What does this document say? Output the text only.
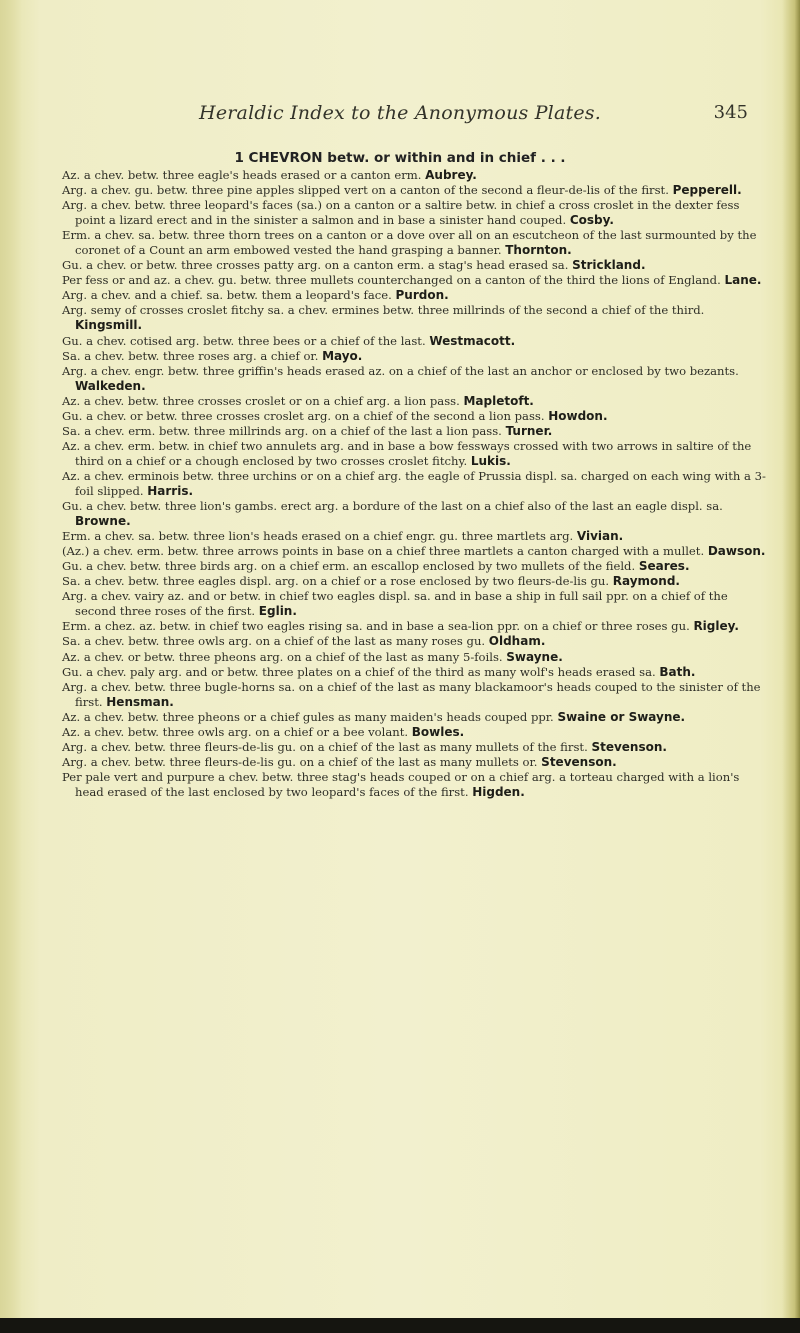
Heraldic Index to the Anonymous Plates.	345
1 CHEVRON betw. or within and in chief . . .
Az. a chev. betw. three eagle's heads erased or a canton erm. Aubrey.
Arg. a chev. gu. betw. three pine apples slipped vert on a canton of the second a fleur-de-lis of the first. Pepperell.
Arg. a chev. betw. three leopard's faces (sa.) on a canton or a saltire betw. in chief a cross croslet in the dexter fess point a lizard erect and in the sinister a salmon and in base a sinister hand couped. Cosby.
Erm. a chev. sa. betw. three thorn trees on a canton or a dove over all on an escutcheon of the last surmounted by the coronet of a Count an arm embowed vested the hand grasping a banner. Thornton.
Gu. a chev. or betw. three crosses patty arg. on a canton erm. a stag's head erased sa. Strickland.
Per fess or and az. a chev. gu. betw. three mullets counterchanged on a canton of the third the lions of England. Lane.
Arg. a chev. and a chief. sa. betw. them a leopard's face. Purdon.
Arg. semy of crosses croslet fitchy sa. a chev. ermines betw. three millrinds of the second a chief of the third. Kingsmill.
Gu. a chev. cotised arg. betw. three bees or a chief of the last. Westmacott.
Sa. a chev. betw. three roses arg. a chief or. Mayo.
Arg. a chev. engr. betw. three griffin's heads erased az. on a chief of the last an anchor or enclosed by two bezants. Walkeden.
Az. a chev. betw. three crosses croslet or on a chief arg. a lion pass. Mapletoft.
Gu. a chev. or betw. three crosses croslet arg. on a chief of the second a lion pass. Howdon.
Sa. a chev. erm. betw. three millrinds arg. on a chief of the last a lion pass. Turner.
Az. a chev. erm. betw. in chief two annulets arg. and in base a bow fessways crossed with two arrows in saltire of the third on a chief or a chough enclosed by two crosses croslet fitchy. Lukis.
Az. a chev. erminois betw. three urchins or on a chief arg. the eagle of Prussia displ. sa. charged on each wing with a 3-foil slipped. Harris.
Gu. a chev. betw. three lion's gambs. erect arg. a bordure of the last on a chief also of the last an eagle displ. sa. Browne.
Erm. a chev. sa. betw. three lion's heads erased on a chief engr. gu. three martlets arg. Vivian.
(Az.) a chev. erm. betw. three arrows points in base on a chief three martlets a canton charged with a mullet. Dawson.
Gu. a chev. betw. three birds arg. on a chief erm. an escallop enclosed by two mullets of the field. Seares.
Sa. a chev. betw. three eagles displ. arg. on a chief or a rose enclosed by two fleurs-de-lis gu. Raymond.
Arg. a chev. vairy az. and or betw. in chief two eagles displ. sa. and in base a ship in full sail ppr. on a chief of the second three roses of the first. Eglin.
Erm. a chez. az. betw. in chief two eagles rising sa. and in base a sea-lion ppr. on a chief or three roses gu. Rigley.
Sa. a chev. betw. three owls arg. on a chief of the last as many roses gu. Oldham.
Az. a chev. or betw. three pheons arg. on a chief of the last as many 5-foils. Swayne.
Gu. a chev. paly arg. and or betw. three plates on a chief of the third as many wolf's heads erased sa. Bath.
Arg. a chev. betw. three bugle-horns sa. on a chief of the last as many blackamoor's heads couped to the sinister of the first. Hensman.
Az. a chev. betw. three pheons or a chief gules as many maiden's heads couped ppr. Swaine or Swayne.
Az. a chev. betw. three owls arg. on a chief or a bee volant. Bowles.
Arg. a chev. betw. three fleurs-de-lis gu. on a chief of the last as many mullets of the first. Stevenson.
Arg. a chev. betw. three fleurs-de-lis gu. on a chief of the last as many mullets or. Stevenson.
Per pale vert and purpure a chev. betw. three stag's heads couped or on a chief arg. a torteau charged with a lion's head erased of the last enclosed by two leopard's faces of the first. Higden.
